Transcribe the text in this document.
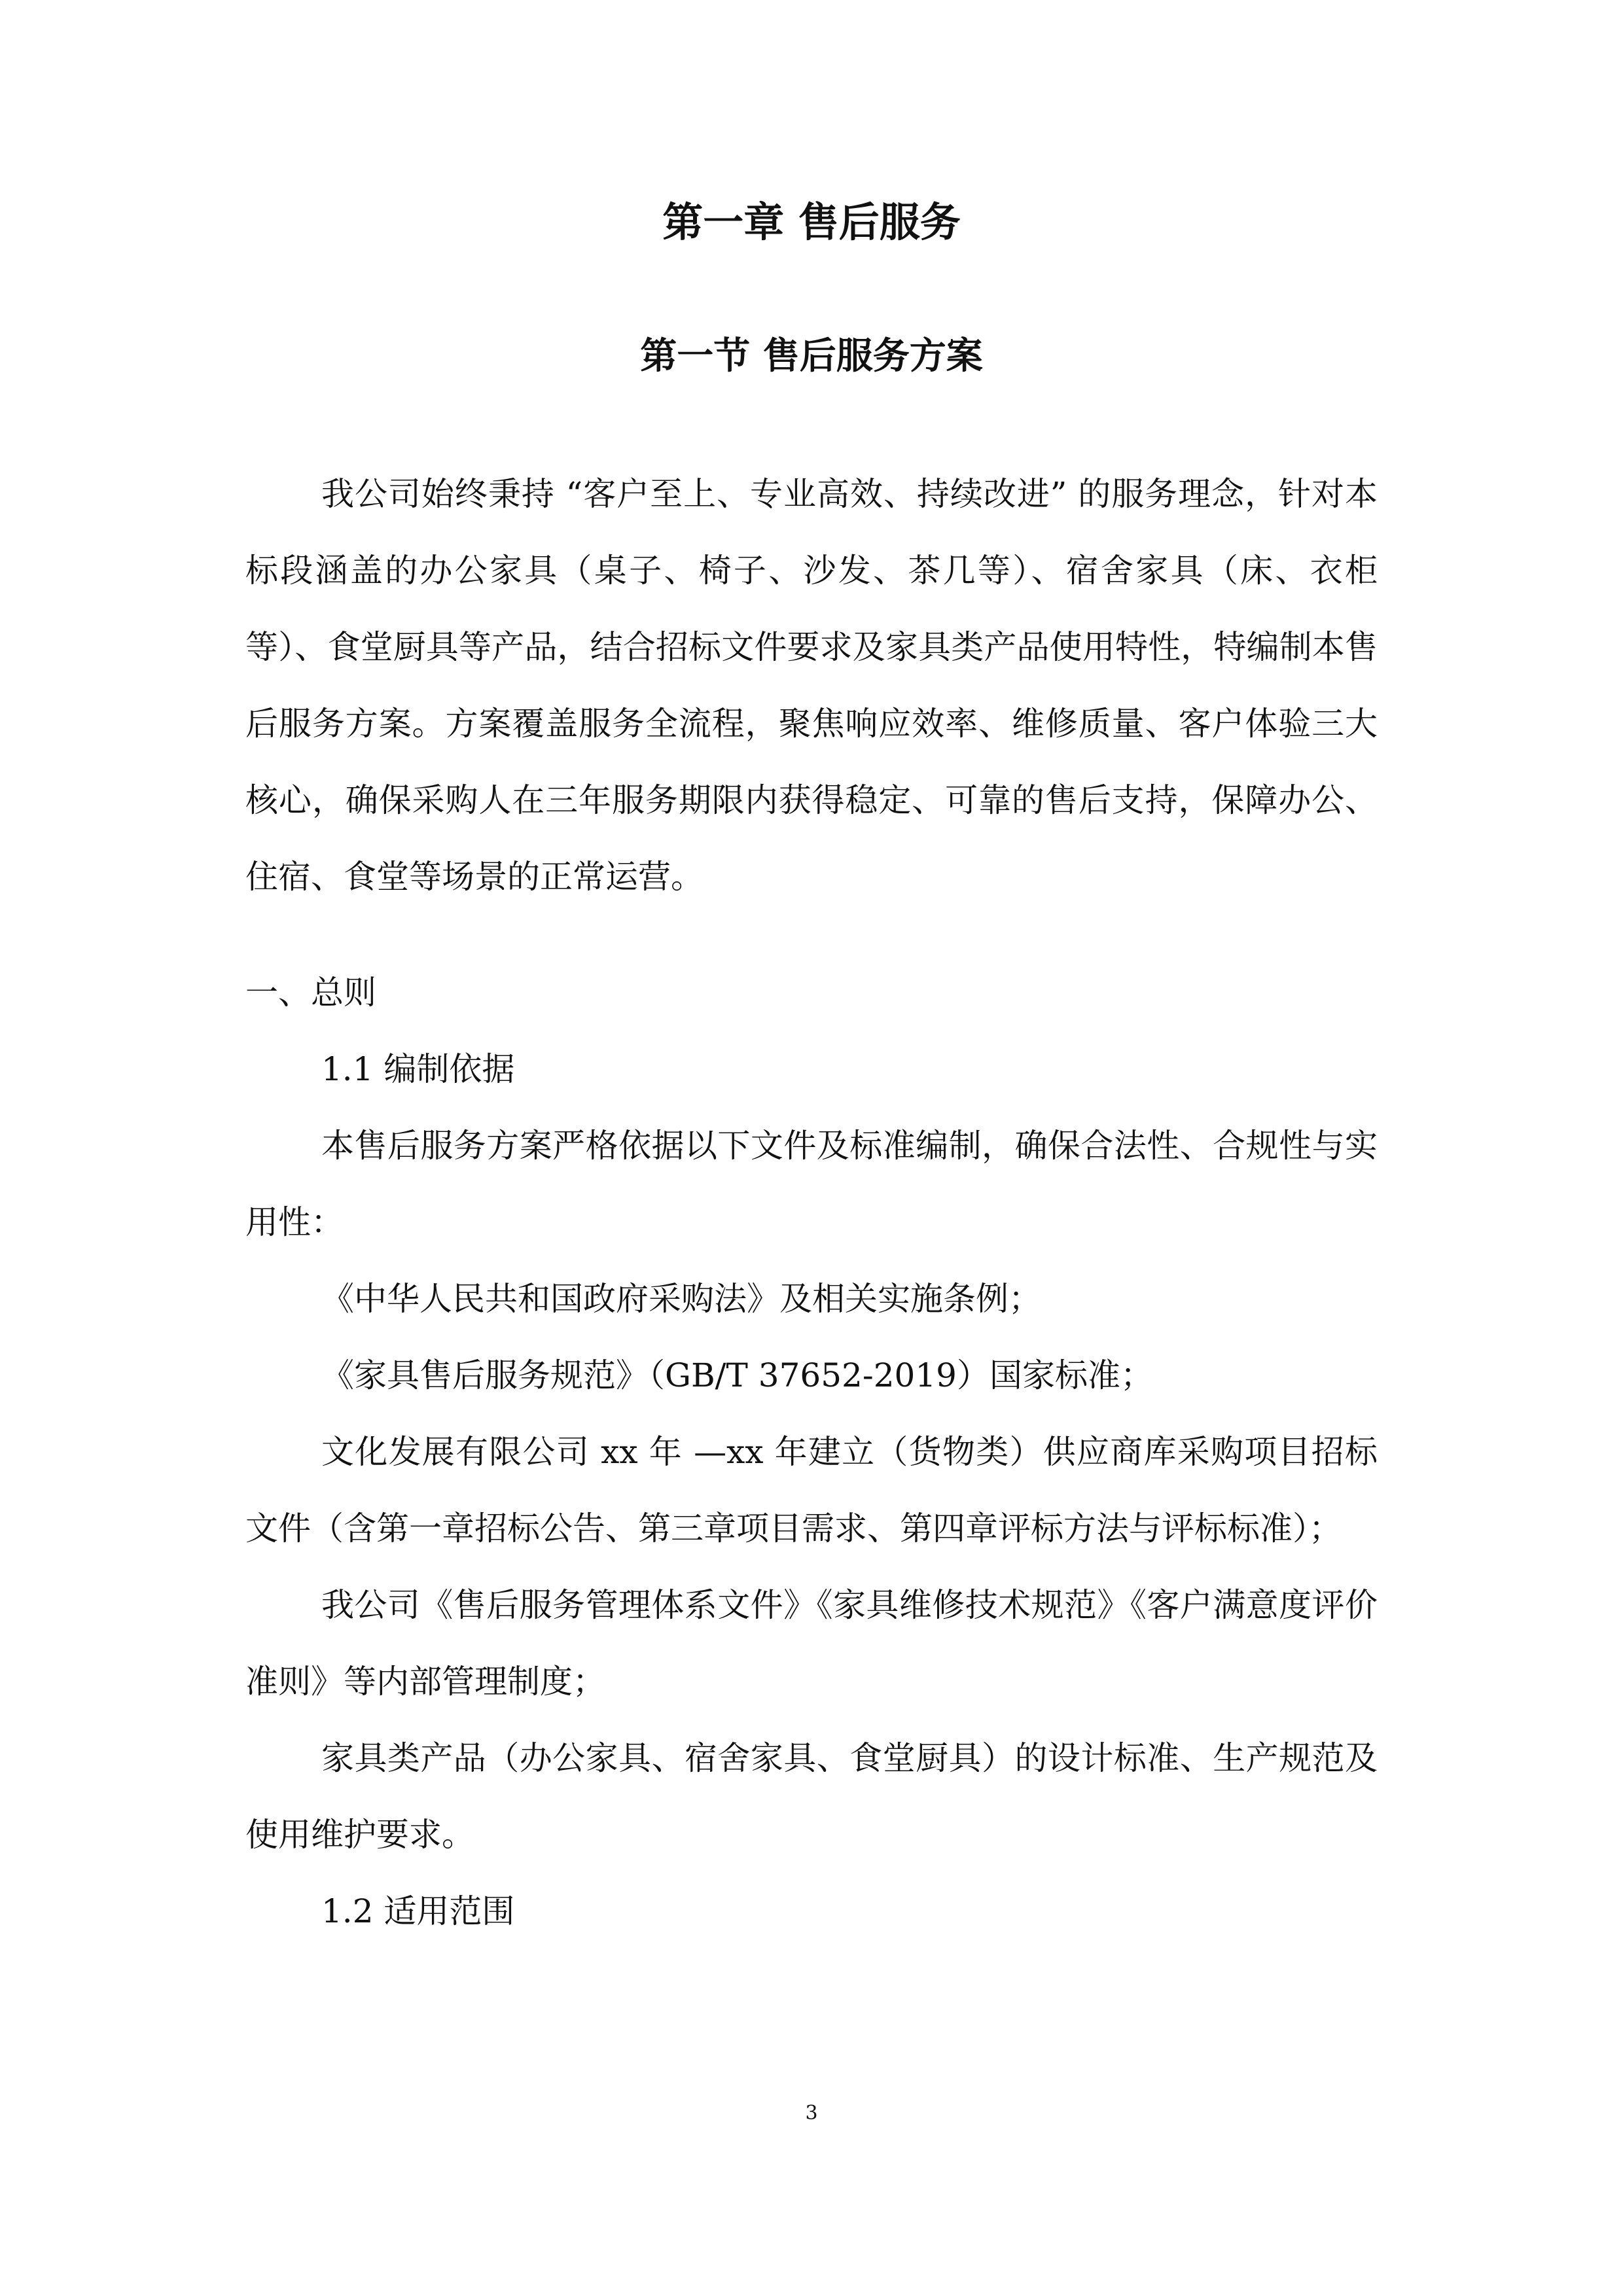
第一章 售后服务
第一节 售后服务方案

我公司始终秉持 “客户至上、专业高效、持续改进” 的服务理念，针对本标段涵盖的办公家具（桌子、椅子、沙发、茶几等）、宿舍家具（床、衣柜等）、食堂厨具等产品，结合招标文件要求及家具类产品使用特性，特编制本售后服务方案。方案覆盖服务全流程，聚焦响应效率、维修质量、客户体验三大核心，确保采购人在三年服务期限内获得稳定、可靠的售后支持，保障办公、住宿、食堂等场景的正常运营。

一、总则

1.1 编制依据

本售后服务方案严格依据以下文件及标准编制，确保合法性、合规性与实用性：

《中华人民共和国政府采购法》及相关实施条例；

《家具售后服务规范》（GB/T 37652-2019）国家标准；

文化发展有限公司 xx 年 —xx 年建立（货物类）供应商库采购项目招标文件（含第一章招标公告、第三章项目需求、第四章评标方法与评标标准）；

我公司《售后服务管理体系文件》《家具维修技术规范》《客户满意度评价准则》等内部管理制度；

家具类产品（办公家具、宿舍家具、食堂厨具）的设计标准、生产规范及使用维护要求。

1.2 适用范围

3
